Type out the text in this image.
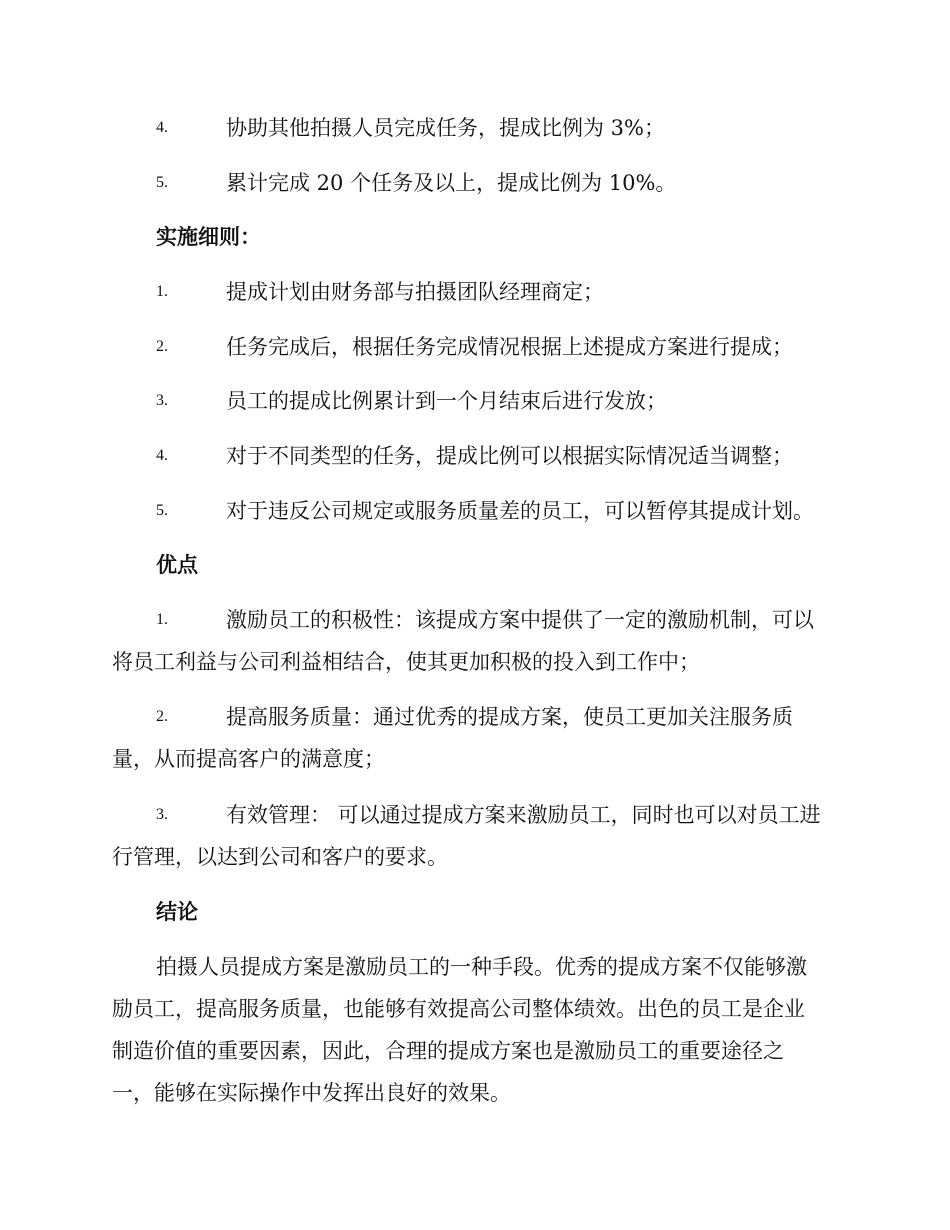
4.	协助其他拍摄人员完成任务，提成比例为 3%；
5.	累计完成 20 个任务及以上，提成比例为 10%。
实施细则：
1.	提成计划由财务部与拍摄团队经理商定；
2.	任务完成后，根据任务完成情况根据上述提成方案进行提成；
3.	员工的提成比例累计到一个月结束后进行发放；
4.	对于不同类型的任务，提成比例可以根据实际情况适当调整；
5.	对于违反公司规定或服务质量差的员工，可以暂停其提成计划。
优点
1.	激励员工的积极性：该提成方案中提供了一定的激励机制，可以
将员工利益与公司利益相结合，使其更加积极的投入到工作中；
2.	提高服务质量：通过优秀的提成方案，使员工更加关注服务质
量，从而提高客户的满意度；
3.	有效管理： 可以通过提成方案来激励员工，同时也可以对员工进
行管理，以达到公司和客户的要求。
结论
拍摄人员提成方案是激励员工的一种手段。优秀的提成方案不仅能够激
励员工，提高服务质量，也能够有效提高公司整体绩效。出色的员工是企业
制造价值的重要因素，因此，合理的提成方案也是激励员工的重要途径之
一，能够在实际操作中发挥出良好的效果。
